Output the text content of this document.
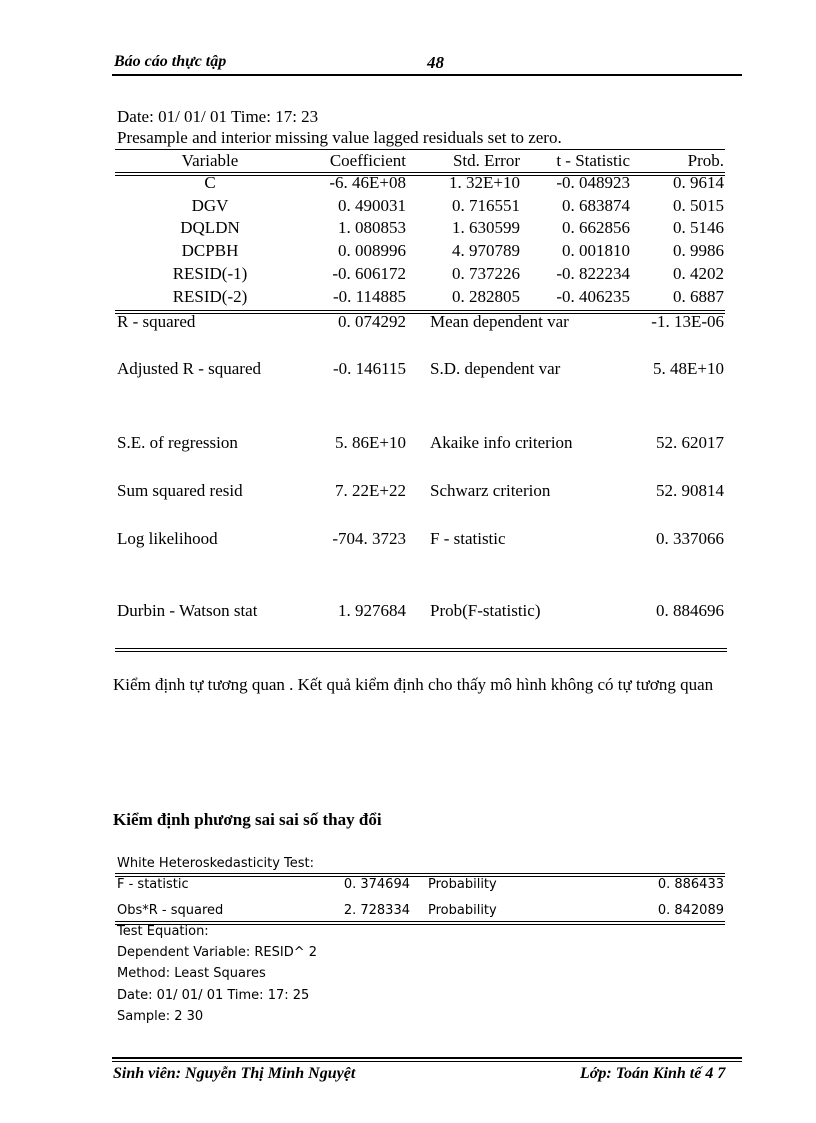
Báo cáo thực tập	48
Date: 01/ 01/ 01 Time: 17: 23
Presample and interior missing value lagged residuals set to zero.
Variable	Coefficient	Std. Error	t - Statistic	Prob.
C	-6. 46E+08	1. 32E+10	-0. 048923	0. 9614
DGV	0. 490031	0. 716551	0. 683874	0. 5015
DQLDN	1. 080853	1. 630599	0. 662856	0. 5146
DCPBH	0. 008996	4. 970789	0. 001810	0. 9986
RESID(-1)	-0. 606172	0. 737226	-0. 822234	0. 4202
RESID(-2)	-0. 114885	0. 282805	-0. 406235	0. 6887
R - squared	0. 074292 Mean dependent var	-1. 13E-06
Adjusted R - squared	-0. 146115 S.D. dependent var	5. 48E+10
S.E. of regression	5. 86E+10 Akaike info criterion	52. 62017
Sum squared resid	7. 22E+22 Schwarz criterion	52. 90814
Log likelihood	-704. 3723 F - statistic	0. 337066
Durbin - Watson stat	1. 927684 Prob(F-statistic)	0. 884696
Kiểm định tự tương quan . Kết quả kiểm định cho thấy mô hình không có tự tương quan
Kiểm định phương sai sai số thay đổi
White Heteroskedasticity Test:
F - statistic	0. 374694 Probability	0. 886433
Obs*R - squared	2. 728334 Probability	0. 842089
Test Equation:
Dependent Variable: RESID^ 2
Method: Least Squares
Date: 01/ 01/ 01 Time: 17: 25
Sample: 2 30
Sinh viên: Nguyễn Thị Minh Nguyệt	Lớp: Toán Kinh tế 4 7
